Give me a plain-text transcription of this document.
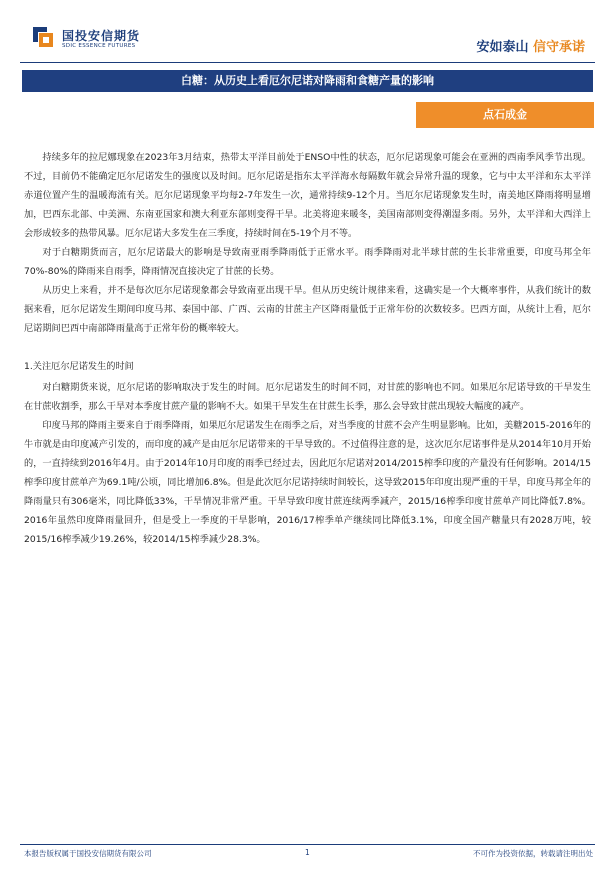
国投安信期货
SDIC ESSENCE FUTURES	安如泰山 信守承诺
白糖：从历史上看厄尔尼诺对降雨和食糖产量的影响
点石成金

持续多年的拉尼娜现象在2023年3月结束，热带太平洋目前处于ENSO中性的状态，厄尔尼诺现象可能会在亚洲的西南季风季节出现。不过，目前仍不能确定厄尔尼诺发生的强度以及时间。厄尔尼诺是指东太平洋海水每隔数年就会异常升温的现象，它与中太平洋和东太平洋赤道位置产生的温暖海流有关。厄尔尼诺现象平均每2-7年发生一次，通常持续9-12个月。当厄尔尼诺现象发生时，南美地区降雨将明显增加，巴西东北部、中美洲、东南亚国家和澳大利亚东部则变得干旱。北美将迎来暖冬，美国南部则变得潮湿多雨。另外，太平洋和大西洋上会形成较多的热带风暴。厄尔尼诺大多发生在三季度，持续时间在5-19个月不等。

对于白糖期货而言，厄尔尼诺最大的影响是导致南亚雨季降雨低于正常水平。雨季降雨对北半球甘蔗的生长非常重要，印度马邦全年70%-80%的降雨来自雨季，降雨情况直接决定了甘蔗的长势。

从历史上来看，并不是每次厄尔尼诺现象都会导致南亚出现干旱。但从历史统计规律来看，这确实是一个大概率事件，从我们统计的数据来看，厄尔尼诺发生期间印度马邦、泰国中部、广西、云南的甘蔗主产区降雨量低于正常年份的次数较多。巴西方面，从统计上看，厄尔尼诺期间巴西中南部降雨量高于正常年份的概率较大。

1.关注厄尔尼诺发生的时间

对白糖期货来说，厄尔尼诺的影响取决于发生的时间。厄尔尼诺发生的时间不同，对甘蔗的影响也不同。如果厄尔尼诺导致的干旱发生在甘蔗收割季，那么干旱对本季度甘蔗产量的影响不大。如果干旱发生在甘蔗生长季，那么会导致甘蔗出现较大幅度的减产。

印度马邦的降雨主要来自于雨季降雨，如果厄尔尼诺发生在雨季之后，对当季度的甘蔗不会产生明显影响。比如，美糖2015-2016年的牛市就是由印度减产引发的，而印度的减产是由厄尔尼诺带来的干旱导致的。不过值得注意的是，这次厄尔尼诺事件是从2014年10月开始的，一直持续到2016年4月。由于2014年10月印度的雨季已经过去，因此厄尔尼诺对2014/2015榨季印度的产量没有任何影响。2014/15榨季印度甘蔗单产为69.1吨/公顷，同比增加6.8%。但是此次厄尔尼诺持续时间较长，这导致2015年印度出现严重的干旱，印度马邦全年的降雨量只有306毫米，同比降低33%，干旱情况非常严重。干旱导致印度甘蔗连续两季减产，2015/16榨季印度甘蔗单产同比降低7.8%。2016年虽然印度降雨量回升，但是受上一季度的干旱影响，2016/17榨季单产继续同比降低3.1%，印度全国产糖量只有2028万吨，较2015/16榨季减少19.26%，较2014/15榨季减少28.3%。

本报告版权属于国投安信期货有限公司	1	不可作为投资依据，转载请注明出处
